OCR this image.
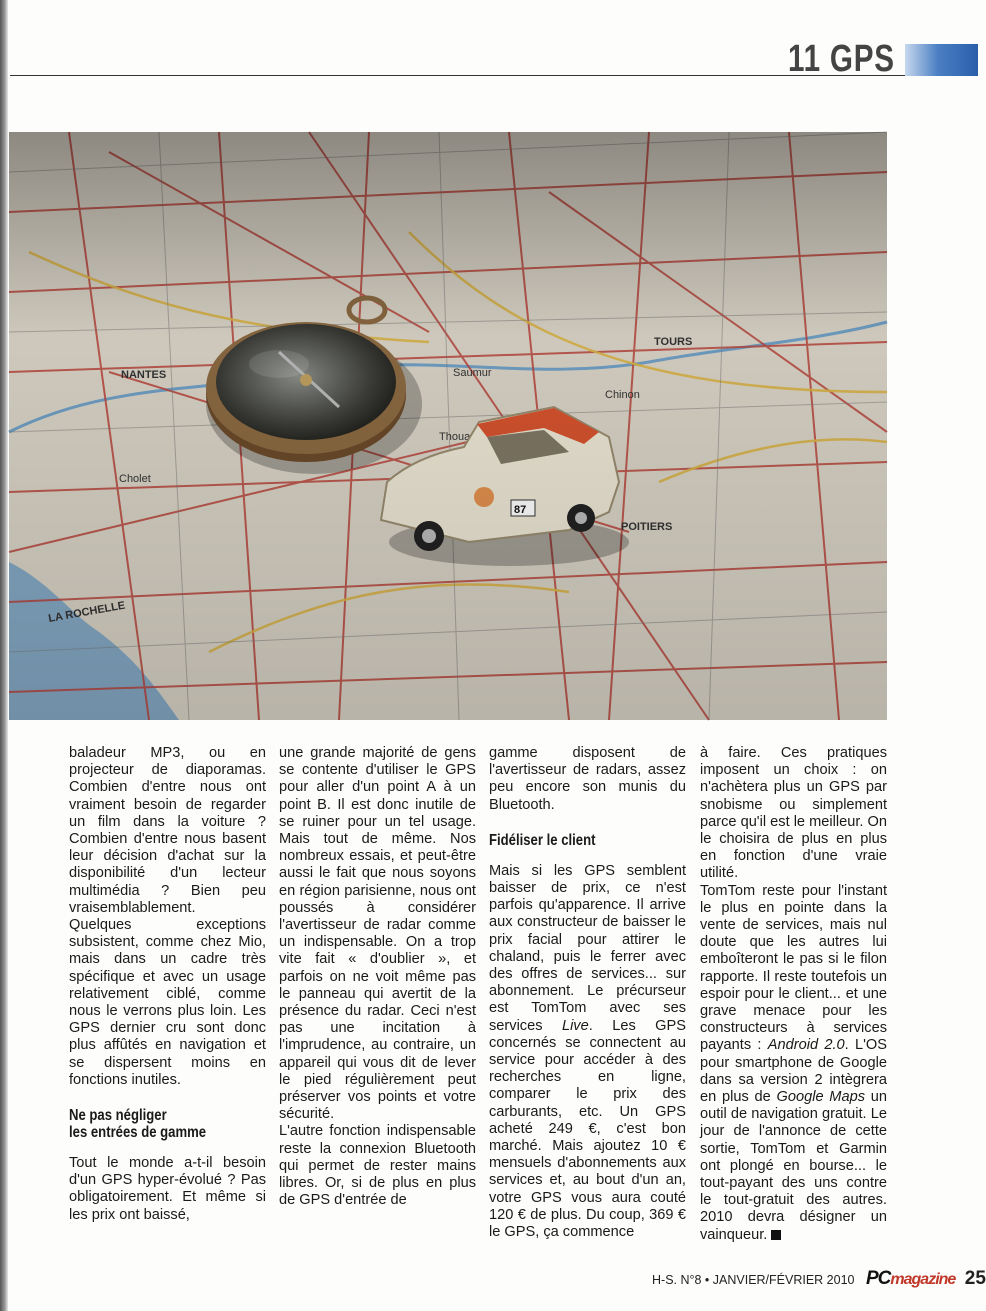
11 GPS

baladeur MP3, ou en projecteur de diaporamas. Combien d'entre nous ont vraiment besoin de regarder un film dans la voiture ? Combien d'entre nous basent leur décision d'achat sur la disponibilité d'un lecteur multimédia ? Bien peu vraisemblablement.

Quelques exceptions subsistent, comme chez Mio, mais dans un cadre très spécifique et avec un usage relativement ciblé, comme nous le verrons plus loin. Les GPS dernier cru sont donc plus affûtés en navigation et se dispersent moins en fonctions inutiles.

Ne pas négliger
les entrées de gamme

Tout le monde a-t-il besoin d'un GPS hyper-évolué ? Pas obligatoirement. Et même si les prix ont baissé,

une grande majorité de gens se contente d'utiliser le GPS pour aller d'un point A à un point B. Il est donc inutile de se ruiner pour un tel usage. Mais tout de même. Nos nombreux essais, et peut-être aussi le fait que nous soyons en région parisienne, nous ont poussés à considérer l'avertisseur de radar comme un indispensable. On a trop vite fait « d'oublier », et parfois on ne voit même pas le panneau qui avertit de la présence du radar. Ceci n'est pas une incitation à l'imprudence, au contraire, un appareil qui vous dit de lever le pied régulièrement peut préserver vos points et votre sécurité.

L'autre fonction indispensable reste la connexion Bluetooth qui permet de rester mains libres. Or, si de plus en plus de GPS d'entrée de

gamme disposent de l'avertisseur de radars, assez peu encore son munis du Bluetooth.

Fidéliser le client

Mais si les GPS semblent baisser de prix, ce n'est parfois qu'apparence. Il arrive aux constructeur de baisser le prix facial pour attirer le chaland, puis le ferrer avec des offres de services... sur abonnement. Le précurseur est TomTom avec ses services Live. Les GPS concernés se connectent au service pour accéder à des recherches en ligne, comparer le prix des carburants, etc. Un GPS acheté 249 €, c'est bon marché. Mais ajoutez 10 € mensuels d'abonnements aux services et, au bout d'un an, votre GPS vous aura couté 120 € de plus. Du coup, 369 € le GPS, ça commence

à faire. Ces pratiques imposent un choix : on n'achètera plus un GPS par snobisme ou simplement parce qu'il est le meilleur. On le choisira de plus en plus en fonction d'une vraie utilité.

TomTom reste pour l'instant le plus en pointe dans la vente de services, mais nul doute que les autres lui emboîteront le pas si le filon rapporte. Il reste toutefois un espoir pour le client... et une grave menace pour les constructeurs à services payants : Android 2.0. L'OS pour smartphone de Google dans sa version 2 intègrera en plus de Google Maps un outil de navigation gratuit. Le jour de l'annonce de cette sortie, TomTom et Garmin ont plongé en bourse... le tout-payant des uns contre le tout-gratuit des autres. 2010 devra désigner un vainqueur.

H-S. N°8 • JANVIER/FÉVRIER 2010 PCmagazine 25
